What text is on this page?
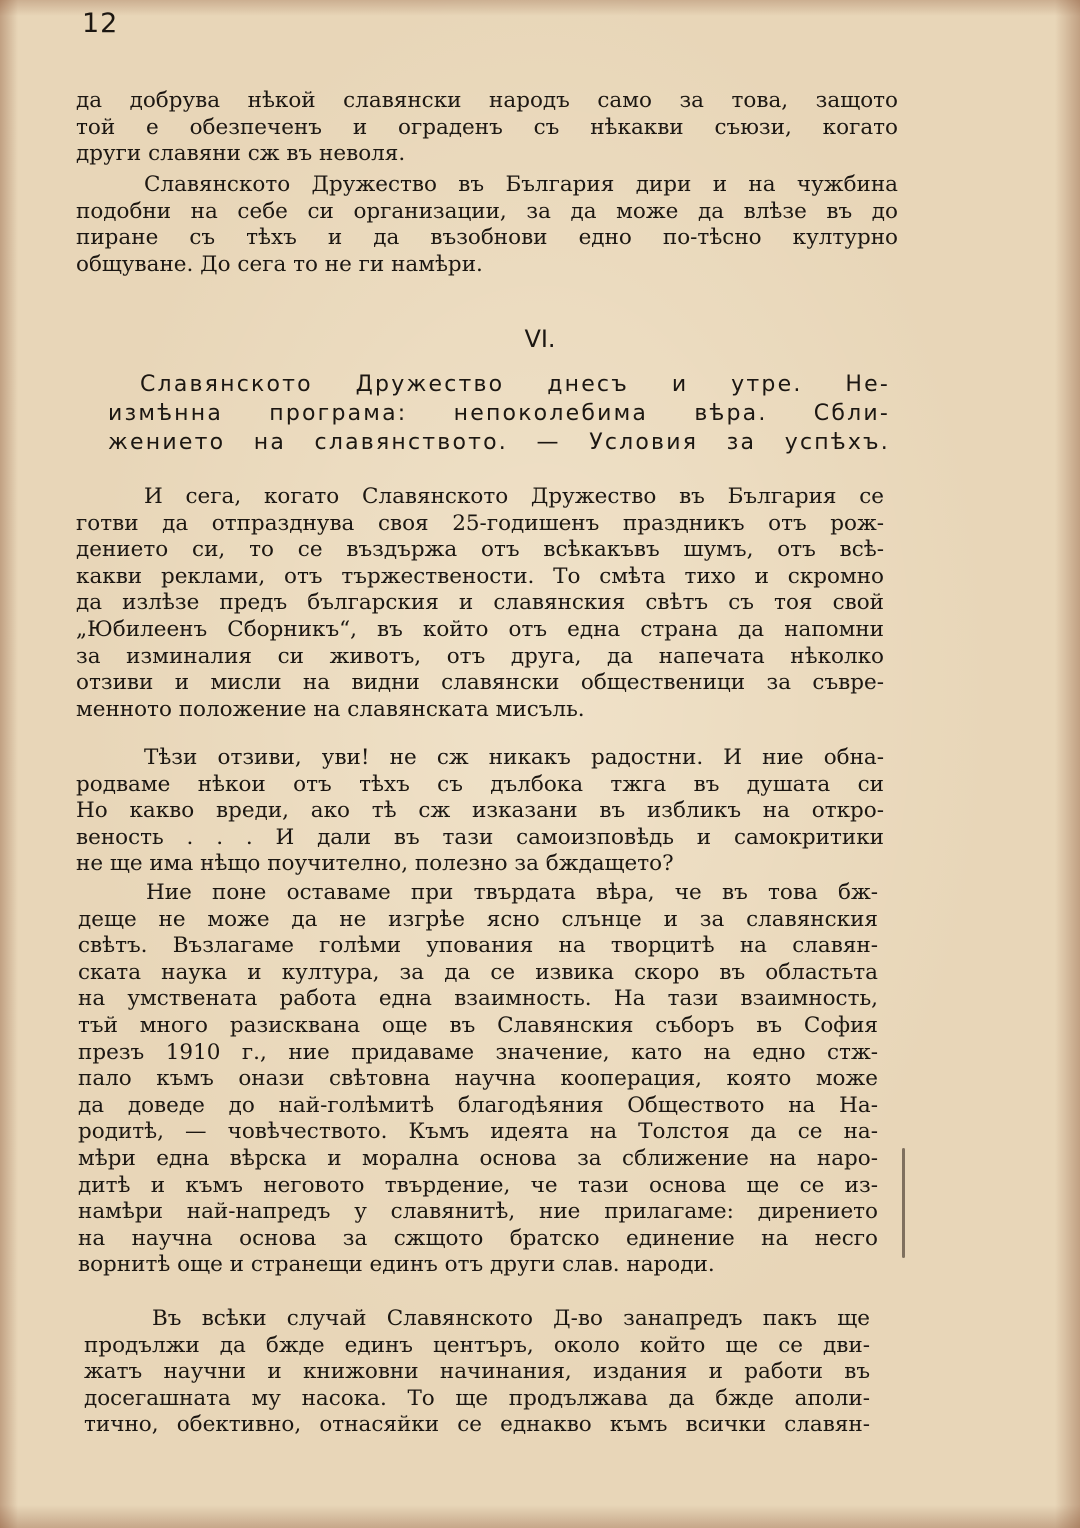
12
да добрува нѣкой славянски народъ само за това, защото
той е обезпеченъ и ограденъ съ нѣкакви съюзи, когато
други славяни сж въ неволя.
Славянското Дружество въ България дири и на чужбина
подобни на себе си организации, за да може да влѣзе въ до
пиране съ тѣхъ и да възобнови едно по-тѣсно културно
общуване. До сега то не ги намѣри.
VI.
Славянското Дружество днесъ и утре. Не-
измѣнна програма: непоколебима вѣра. Сбли-
жението на славянството. — Условия за успѣхъ.
И сега, когато Славянското Дружество въ България се
готви да отпразднува своя 25-годишенъ праздникъ отъ рож-
дението си, то се въздържа отъ всѣкакъвъ шумъ, отъ всѣ-
какви реклами, отъ тържествености. То смѣта тихо и скромно
да излѣзе предъ българския и славянския свѣтъ съ тоя свой
„Юбилеенъ Сборникъ“, въ който отъ една страна да напомни
за изминалия си животъ, отъ друга, да напечата нѣколко
отзиви и мисли на видни славянски общественици за съвре-
менното положение на славянската мисъль.
Тѣзи отзиви, уви! не сж никакъ радостни. И ние обна-
родваме нѣкои отъ тѣхъ съ дълбока тжга въ душата си
Но какво вреди, ако тѣ сж изказани въ избликъ на откро-
веность . . . И дали въ тази самоизповѣдь и самокритики
не ще има нѣщо поучително, полезно за бждащето?
Ние поне оставаме при твърдата вѣра, че въ това бж-
деще не може да не изгрѣе ясно слънце и за славянския
свѣтъ. Възлагаме голѣми упования на творцитѣ на славян-
ската наука и култура, за да се извика скоро въ областьта
на умствената работа една взаимность. На тази взаимность,
тъй много разисквана още въ Славянския съборъ въ София
презъ 1910 г., ние придаваме значение, като на едно стж-
пало къмъ онази свѣтовна научна кооперация, която може
да доведе до най-голѣмитѣ благодѣяния Обществото на На-
родитѣ, — човѣчеството. Къмъ идеята на Толстоя да се на-
мѣри една вѣрска и морална основа за сближение на наро-
дитѣ и къмъ неговото твърдение, че тази основа ще се из-
намѣри най-напредъ у славянитѣ, ние прилагаме: дирението
на научна основа за сжщото братско единение на несго
ворнитѣ още и странещи единъ отъ други слав. народи.
Въ всѣки случай Славянското Д-во занапредъ пакъ ще
продължи да бжде единъ центъръ, около който ще се дви-
жатъ научни и книжовни начинания, издания и работи въ
досегашната му насока. То ще продължава да бжде аполи-
тично, обективно, отнасяйки се еднакво къмъ всички славян-
